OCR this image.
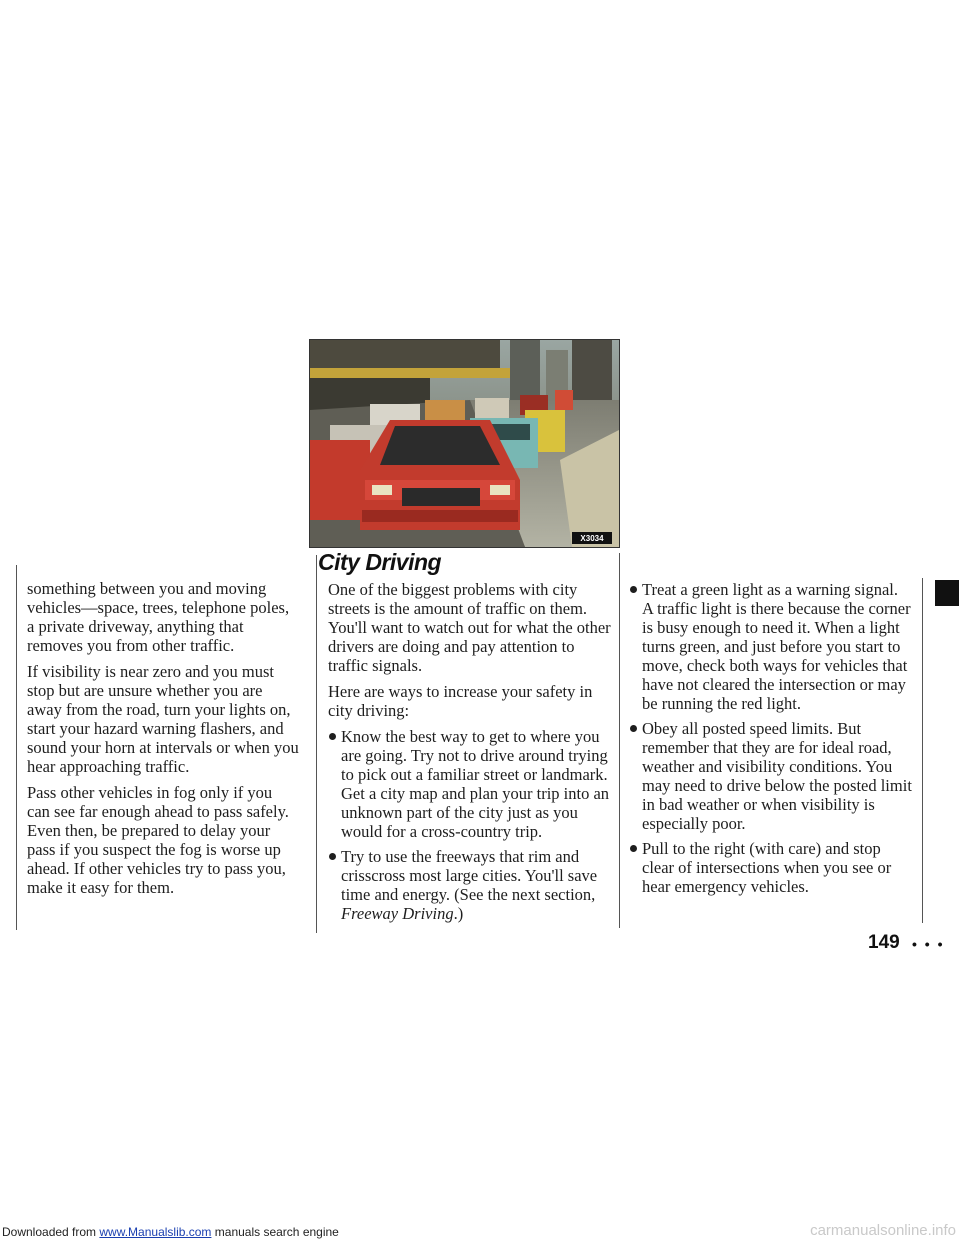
X3034

something between you and moving vehicles—space, trees, telephone poles, a private driveway, anything that removes you from other traffic.

If visibility is near zero and you must stop but are unsure whether you are away from the road, turn your lights on, start your hazard warning flashers, and sound your horn at intervals or when you hear approaching traffic.

Pass other vehicles in fog only if you can see far enough ahead to pass safely. Even then, be prepared to delay your pass if you suspect the fog is worse up ahead. If other vehicles try to pass you, make it easy for them.

City Driving

One of the biggest problems with city streets is the amount of traffic on them. You'll want to watch out for what the other drivers are doing and pay attention to traffic signals.

Here are ways to increase your safety in city driving:

Know the best way to get to where you are going. Try not to drive around trying to pick out a familiar street or landmark. Get a city map and plan your trip into an unknown part of the city just as you would for a cross-country trip.
Try to use the freeways that rim and crisscross most large cities. You'll save time and energy. (See the next section, Freeway Driving.)
Treat a green light as a warning signal. A traffic light is there because the corner is busy enough to need it. When a light turns green, and just before you start to move, check both ways for vehicles that have not cleared the intersection or may be running the red light.
Obey all posted speed limits. But remember that they are for ideal road, weather and visibility conditions. You may need to drive below the posted limit in bad weather or when visibility is especially poor.
Pull to the right (with care) and stop clear of intersections when you see or hear emergency vehicles.
149 • • •
Downloaded from www.Manualslib.com manuals search engine	carmanualsonline.info
